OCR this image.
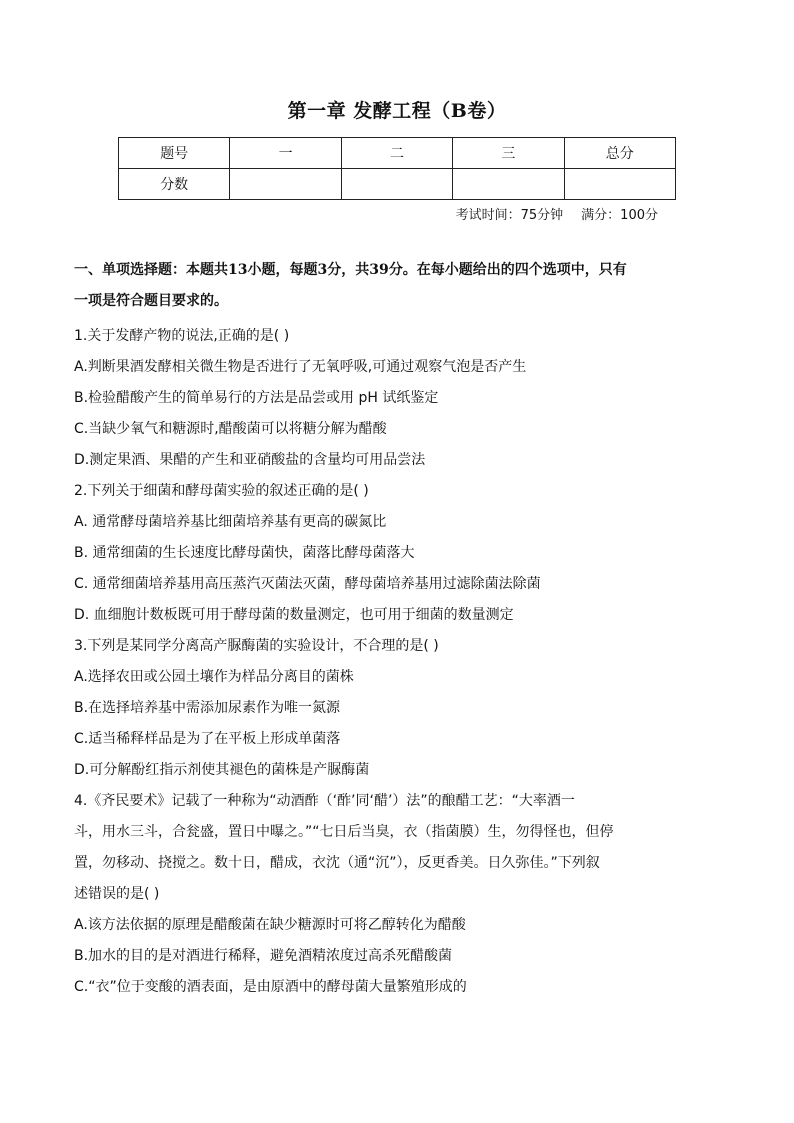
第一章 发酵工程（B卷）
题号	一	二	三	总分
分数				
考试时间：75分钟 满分：100分
一、单项选择题：本题共13小题，每题3分，共39分。在每小题给出的四个选项中，只有
一项是符合题目要求的。
1.关于发酵产物的说法,正确的是( )
A.判断果酒发酵相关微生物是否进行了无氧呼吸,可通过观察气泡是否产生
B.检验醋酸产生的简单易行的方法是品尝或用 pH 试纸鉴定
C.当缺少氧气和糖源时,醋酸菌可以将糖分解为醋酸
D.测定果酒、果醋的产生和亚硝酸盐的含量均可用品尝法
2.下列关于细菌和酵母菌实验的叙述正确的是( )
A. 通常酵母菌培养基比细菌培养基有更高的碳氮比
B. 通常细菌的生长速度比酵母菌快，菌落比酵母菌落大
C. 通常细菌培养基用高压蒸汽灭菌法灭菌，酵母菌培养基用过滤除菌法除菌
D. 血细胞计数板既可用于酵母菌的数量测定，也可用于细菌的数量测定
3.下列是某同学分离高产脲酶菌的实验设计，不合理的是( )
A.选择农田或公园土壤作为样品分离目的菌株
B.在选择培养基中需添加尿素作为唯一氮源
C.适当稀释样品是为了在平板上形成单菌落
D.可分解酚红指示剂使其褪色的菌株是产脲酶菌
4.《齐民要术》记载了一种称为“动酒酢（‘酢’同‘醋’）法”的酿醋工艺：“大率酒一
斗，用水三斗，合瓮盛，置日中曝之。”“七日后当臭，衣（指菌膜）生，勿得怪也，但停
置，勿移动、挠搅之。数十日，醋成，衣沈（通“沉”），反更香美。日久弥佳。”下列叙
述错误的是( )
A.该方法依据的原理是醋酸菌在缺少糖源时可将乙醇转化为醋酸
B.加水的目的是对酒进行稀释，避免酒精浓度过高杀死醋酸菌
C.“衣”位于变酸的酒表面，是由原酒中的酵母菌大量繁殖形成的
